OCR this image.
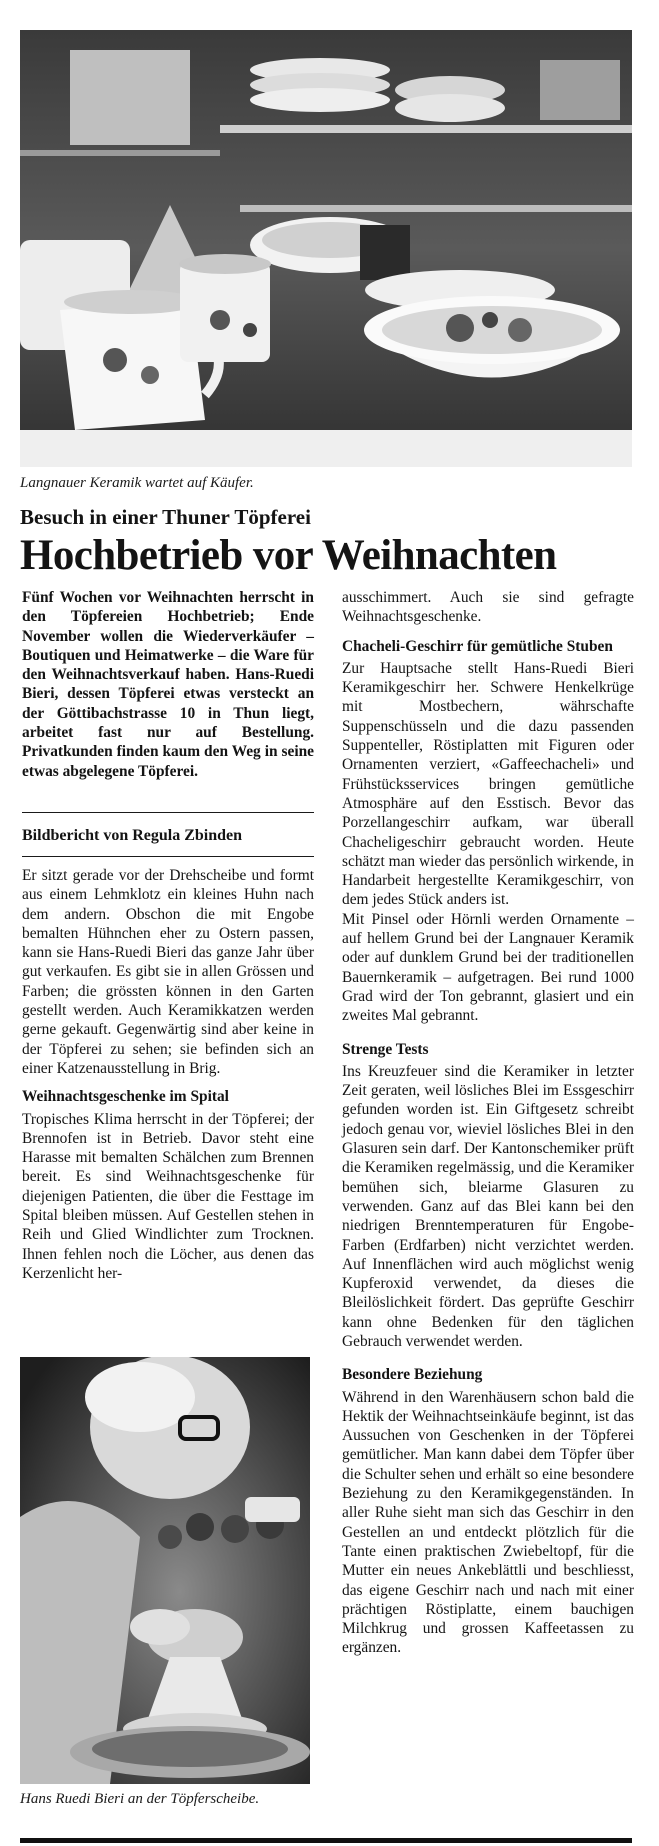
Langnauer Keramik wartet auf Käufer.
Besuch in einer Thuner Töpferei
Hochbetrieb vor Weihnachten

Fünf Wochen vor Weihnachten herrscht in den Töpfereien Hochbetrieb; Ende November wollen die Wiederverkäufer – Boutiquen und Heimatwerke – die Ware für den Weihnachtsverkauf haben. Hans-Ruedi Bieri, dessen Töpferei etwas versteckt an der Göttibachstrasse 10 in Thun liegt, arbeitet fast nur auf Bestellung. Privatkunden finden kaum den Weg in seine etwas abgelegene Töpferei.

Bildbericht von Regula Zbinden

Er sitzt gerade vor der Drehscheibe und formt aus einem Lehmklotz ein kleines Huhn nach dem andern. Obschon die mit Engobe bemalten Hühnchen eher zu Ostern passen, kann sie Hans-Ruedi Bieri das ganze Jahr über gut verkaufen. Es gibt sie in allen Grössen und Farben; die grössten können in den Garten gestellt werden. Auch Keramikkatzen werden gerne gekauft. Gegenwärtig sind aber keine in der Töpferei zu sehen; sie befinden sich an einer Katzenausstellung in Brig.

Weihnachtsgeschenke im Spital

Tropisches Klima herrscht in der Töpferei; der Brennofen ist in Betrieb. Davor steht eine Harasse mit bemalten Schälchen zum Brennen bereit. Es sind Weihnachtsgeschenke für diejenigen Patienten, die über die Festtage im Spital bleiben müssen. Auf Gestellen stehen in Reih und Glied Windlichter zum Trocknen. Ihnen fehlen noch die Löcher, aus denen das Kerzenlicht her-

Hans Ruedi Bieri an der Töpferscheibe.

ausschimmert. Auch sie sind gefragte Weihnachtsgeschenke.

Chacheli-Geschirr für gemütliche Stuben

Zur Hauptsache stellt Hans-Ruedi Bieri Keramikgeschirr her. Schwere Henkelkrüge mit Mostbechern, währschafte Suppenschüsseln und die dazu passenden Suppenteller, Röstiplatten mit Figuren oder Ornamenten verziert, «Gaffeechacheli» und Frühstücksservices bringen gemütliche Atmosphäre auf den Esstisch. Bevor das Porzellangeschirr aufkam, war überall Chacheligeschirr gebraucht worden. Heute schätzt man wieder das persönlich wirkende, in Handarbeit hergestellte Keramikgeschirr, von dem jedes Stück anders ist.

Mit Pinsel oder Hörnli werden Ornamente – auf hellem Grund bei der Langnauer Keramik oder auf dunklem Grund bei der traditionellen Bauernkeramik – aufgetragen. Bei rund 1000 Grad wird der Ton gebrannt, glasiert und ein zweites Mal gebrannt.

Strenge Tests

Ins Kreuzfeuer sind die Keramiker in letzter Zeit geraten, weil lösliches Blei im Essgeschirr gefunden worden ist. Ein Giftgesetz schreibt jedoch genau vor, wieviel lösliches Blei in den Glasuren sein darf. Der Kantonschemiker prüft die Keramiken regelmässig, und die Keramiker bemühen sich, bleiarme Glasuren zu verwenden. Ganz auf das Blei kann bei den niedrigen Brenntemperaturen für Engobe-Farben (Erdfarben) nicht verzichtet werden. Auf Innenflächen wird auch möglichst wenig Kupferoxid verwendet, da dieses die Bleilöslichkeit fördert. Das geprüfte Geschirr kann ohne Bedenken für den täglichen Gebrauch verwendet werden.

Besondere Beziehung

Während in den Warenhäusern schon bald die Hektik der Weihnachtseinkäufe beginnt, ist das Aussuchen von Geschenken in der Töpferei gemütlicher. Man kann dabei dem Töpfer über die Schulter sehen und erhält so eine besondere Beziehung zu den Keramikgegenständen. In aller Ruhe sieht man sich das Geschirr in den Gestellen an und entdeckt plötzlich für die Tante einen praktischen Zwiebeltopf, für die Mutter ein neues Ankeblättli und beschliesst, das eigene Geschirr nach und nach mit einer prächtigen Röstiplatte, einem bauchigen Milchkrug und grossen Kaffeetassen zu ergänzen.
